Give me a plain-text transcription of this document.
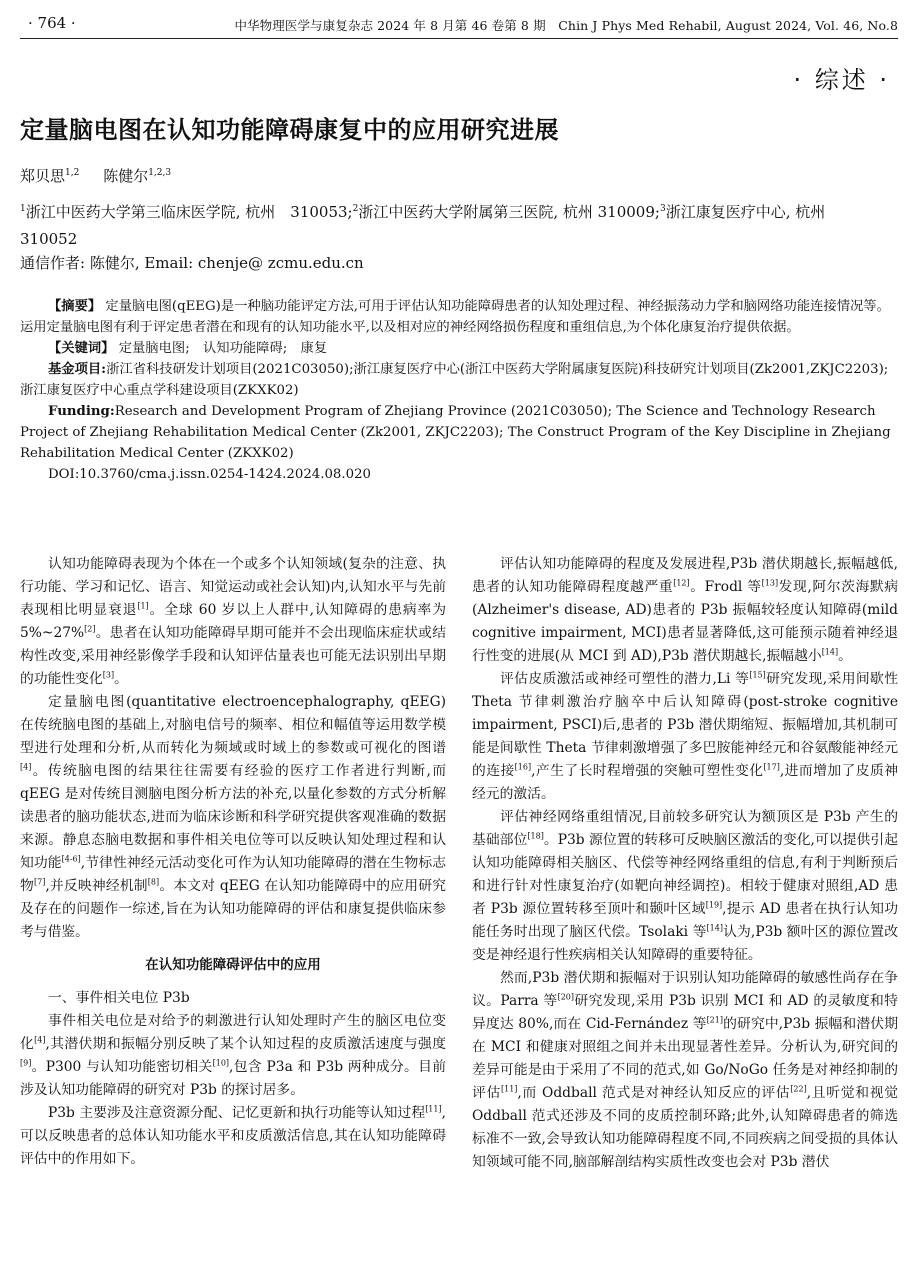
· 764 ·	中华物理医学与康复杂志 2024 年 8 月第 46 卷第 8 期　Chin J Phys Med Rehabil, August 2024, Vol. 46, No.8
· 综述 ·
定量脑电图在认知功能障碍康复中的应用研究进展
郑贝思$^{1,2}$ 陈健尔$^{1,2,3}$
$^1$浙江中医药大学第三临床医学院, 杭州　310053;$^2$浙江中医药大学附属第三医院, 杭州 310009;$^3$浙江康复医疗中心, 杭州　310052
通信作者: 陈健尔, Email: chenje@ zcmu.edu.cn

【摘要】 定量脑电图(qEEG)是一种脑功能评定方法,可用于评估认知功能障碍患者的认知处理过程、神经振荡动力学和脑网络功能连接情况等。运用定量脑电图有利于评定患者潜在和现有的认知功能水平,以及相对应的神经网络损伤程度和重组信息,为个体化康复治疗提供依据。

【关键词】 定量脑电图;　认知功能障碍;　康复

基金项目:浙江省科技研发计划项目(2021C03050);浙江康复医疗中心(浙江中医药大学附属康复医院)科技研究计划项目(Zk2001,ZKJC2203);浙江康复医疗中心重点学科建设项目(ZKXK02)

Funding:Research and Development Program of Zhejiang Province (2021C03050); The Science and Technology Research Project of Zhejiang Rehabilitation Medical Center (Zk2001, ZKJC2203); The Construct Program of the Key Discipline in Zhejiang Rehabilitation Medical Center (ZKXK02)

DOI:10.3760/cma.j.issn.0254-1424.2024.08.020

认知功能障碍表现为个体在一个或多个认知领域(复杂的注意、执行功能、学习和记忆、语言、知觉运动或社会认知)内,认知水平与先前表现相比明显衰退[1]。全球 60 岁以上人群中,认知障碍的患病率为 5%~27%[2]。患者在认知功能障碍早期可能并不会出现临床症状或结构性改变,采用神经影像学手段和认知评估量表也可能无法识别出早期的功能性变化[3]。

定量脑电图(quantitative electroencephalography, qEEG)在传统脑电图的基础上,对脑电信号的频率、相位和幅值等运用数学模型进行处理和分析,从而转化为频域或时域上的参数或可视化的图谱[4]。传统脑电图的结果往往需要有经验的医疗工作者进行判断,而 qEEG 是对传统目测脑电图分析方法的补充,以量化参数的方式分析解读患者的脑功能状态,进而为临床诊断和科学研究提供客观准确的数据来源。静息态脑电数据和事件相关电位等可以反映认知处理过程和认知功能[4-6],节律性神经元活动变化可作为认知功能障碍的潜在生物标志物[7],并反映神经机制[8]。本文对 qEEG 在认知功能障碍中的应用研究及存在的问题作一综述,旨在为认知功能障碍的评估和康复提供临床参考与借鉴。

在认知功能障碍评估中的应用

一、事件相关电位 P3b

事件相关电位是对给予的刺激进行认知处理时产生的脑区电位变化[4],其潜伏期和振幅分别反映了某个认知过程的皮质激活速度与强度[9]。P300 与认知功能密切相关[10],包含 P3a 和 P3b 两种成分。目前涉及认知功能障碍的研究对 P3b 的探讨居多。

P3b 主要涉及注意资源分配、记忆更新和执行功能等认知过程[11],可以反映患者的总体认知功能水平和皮质激活信息,其在认知功能障碍评估中的作用如下。

评估认知功能障碍的程度及发展进程,P3b 潜伏期越长,振幅越低,患者的认知功能障碍程度越严重[12]。Frodl 等[13]发现,阿尔茨海默病(Alzheimer's disease, AD)患者的 P3b 振幅较轻度认知障碍(mild cognitive impairment, MCI)患者显著降低,这可能预示随着神经退行性变的进展(从 MCI 到 AD),P3b 潜伏期越长,振幅越小[14]。

评估皮质激活或神经可塑性的潜力,Li 等[15]研究发现,采用间歇性 Theta 节律刺激治疗脑卒中后认知障碍(post-stroke cognitive impairment, PSCI)后,患者的 P3b 潜伏期缩短、振幅增加,其机制可能是间歇性 Theta 节律刺激增强了多巴胺能神经元和谷氨酸能神经元的连接[16],产生了长时程增强的突触可塑性变化[17],进而增加了皮质神经元的激活。

评估神经网络重组情况,目前较多研究认为额顶区是 P3b 产生的基础部位[18]。P3b 源位置的转移可反映脑区激活的变化,可以提供引起认知功能障碍相关脑区、代偿等神经网络重组的信息,有利于判断预后和进行针对性康复治疗(如靶向神经调控)。相较于健康对照组,AD 患者 P3b 源位置转移至顶叶和颞叶区域[19],提示 AD 患者在执行认知功能任务时出现了脑区代偿。Tsolaki 等[14]认为,P3b 额叶区的源位置改变是神经退行性疾病相关认知障碍的重要特征。

然而,P3b 潜伏期和振幅对于识别认知功能障碍的敏感性尚存在争议。Parra 等[20]研究发现,采用 P3b 识别 MCI 和 AD 的灵敏度和特异度达 80%,而在 Cid-Fernández 等[21]的研究中,P3b 振幅和潜伏期在 MCI 和健康对照组之间并未出现显著性差异。分析认为,研究间的差异可能是由于采用了不同的范式,如 Go/NoGo 任务是对神经抑制的评估[11],而 Oddball 范式是对神经认知反应的评估[22],且听觉和视觉 Oddball 范式还涉及不同的皮质控制环路;此外,认知障碍患者的筛选标准不一致,会导致认知功能障碍程度不同,不同疾病之间受损的具体认知领域可能不同,脑部解剖结构实质性改变也会对 P3b 潜伏
